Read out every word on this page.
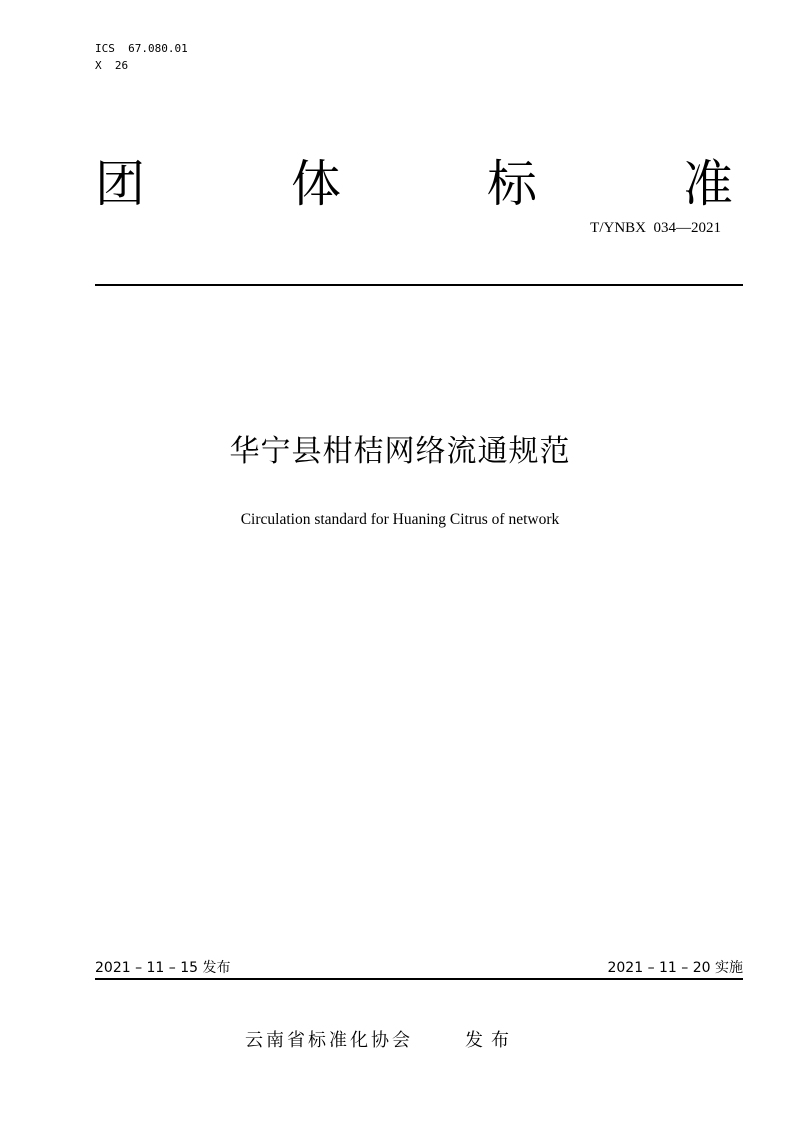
ICS  67.080.01
X  26
团	体	标	准
T/YNBX  034—2021
华宁县柑桔网络流通规范
Circulation standard for Huaning Citrus of network
2021 – 11 – 15 发布	2021 – 11 – 20 实施
云南省标准化协会	发布
